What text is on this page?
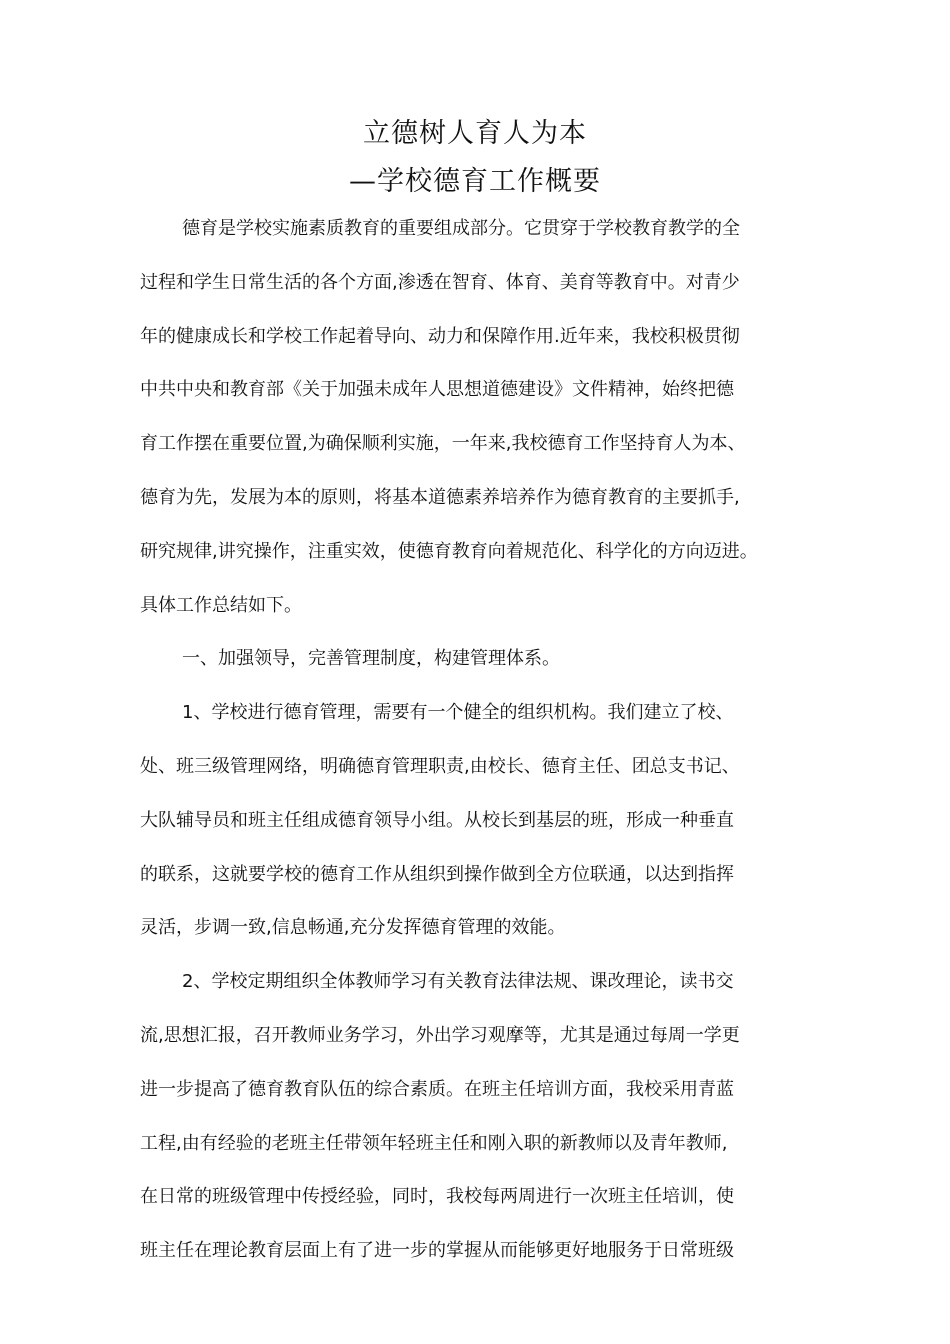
立德树人育人为本
—学校德育工作概要
德育是学校实施素质教育的重要组成部分。它贯穿于学校教育教学的全
过程和学生日常生活的各个方面,渗透在智育、体育、美育等教育中。对青少
年的健康成长和学校工作起着导向、动力和保障作用.近年来，我校积极贯彻
中共中央和教育部《关于加强未成年人思想道德建设》文件精神，始终把德
育工作摆在重要位置,为确保顺利实施，一年来,我校德育工作坚持育人为本、
德育为先，发展为本的原则，将基本道德素养培养作为德育教育的主要抓手,
研究规律,讲究操作，注重实效，使德育教育向着规范化、科学化的方向迈进。
具体工作总结如下。
一、加强领导，完善管理制度，构建管理体系。
1、学校进行德育管理，需要有一个健全的组织机构。我们建立了校、
处、班三级管理网络，明确德育管理职责,由校长、德育主任、团总支书记、
大队辅导员和班主任组成德育领导小组。从校长到基层的班，形成一种垂直
的联系，这就要学校的德育工作从组织到操作做到全方位联通，以达到指挥
灵活，步调一致,信息畅通,充分发挥德育管理的效能。
2、学校定期组织全体教师学习有关教育法律法规、课改理论，读书交
流,思想汇报，召开教师业务学习，外出学习观摩等，尤其是通过每周一学更
进一步提高了德育教育队伍的综合素质。在班主任培训方面，我校采用青蓝
工程,由有经验的老班主任带领年轻班主任和刚入职的新教师以及青年教师,
在日常的班级管理中传授经验，同时，我校每两周进行一次班主任培训，使
班主任在理论教育层面上有了进一步的掌握从而能够更好地服务于日常班级
